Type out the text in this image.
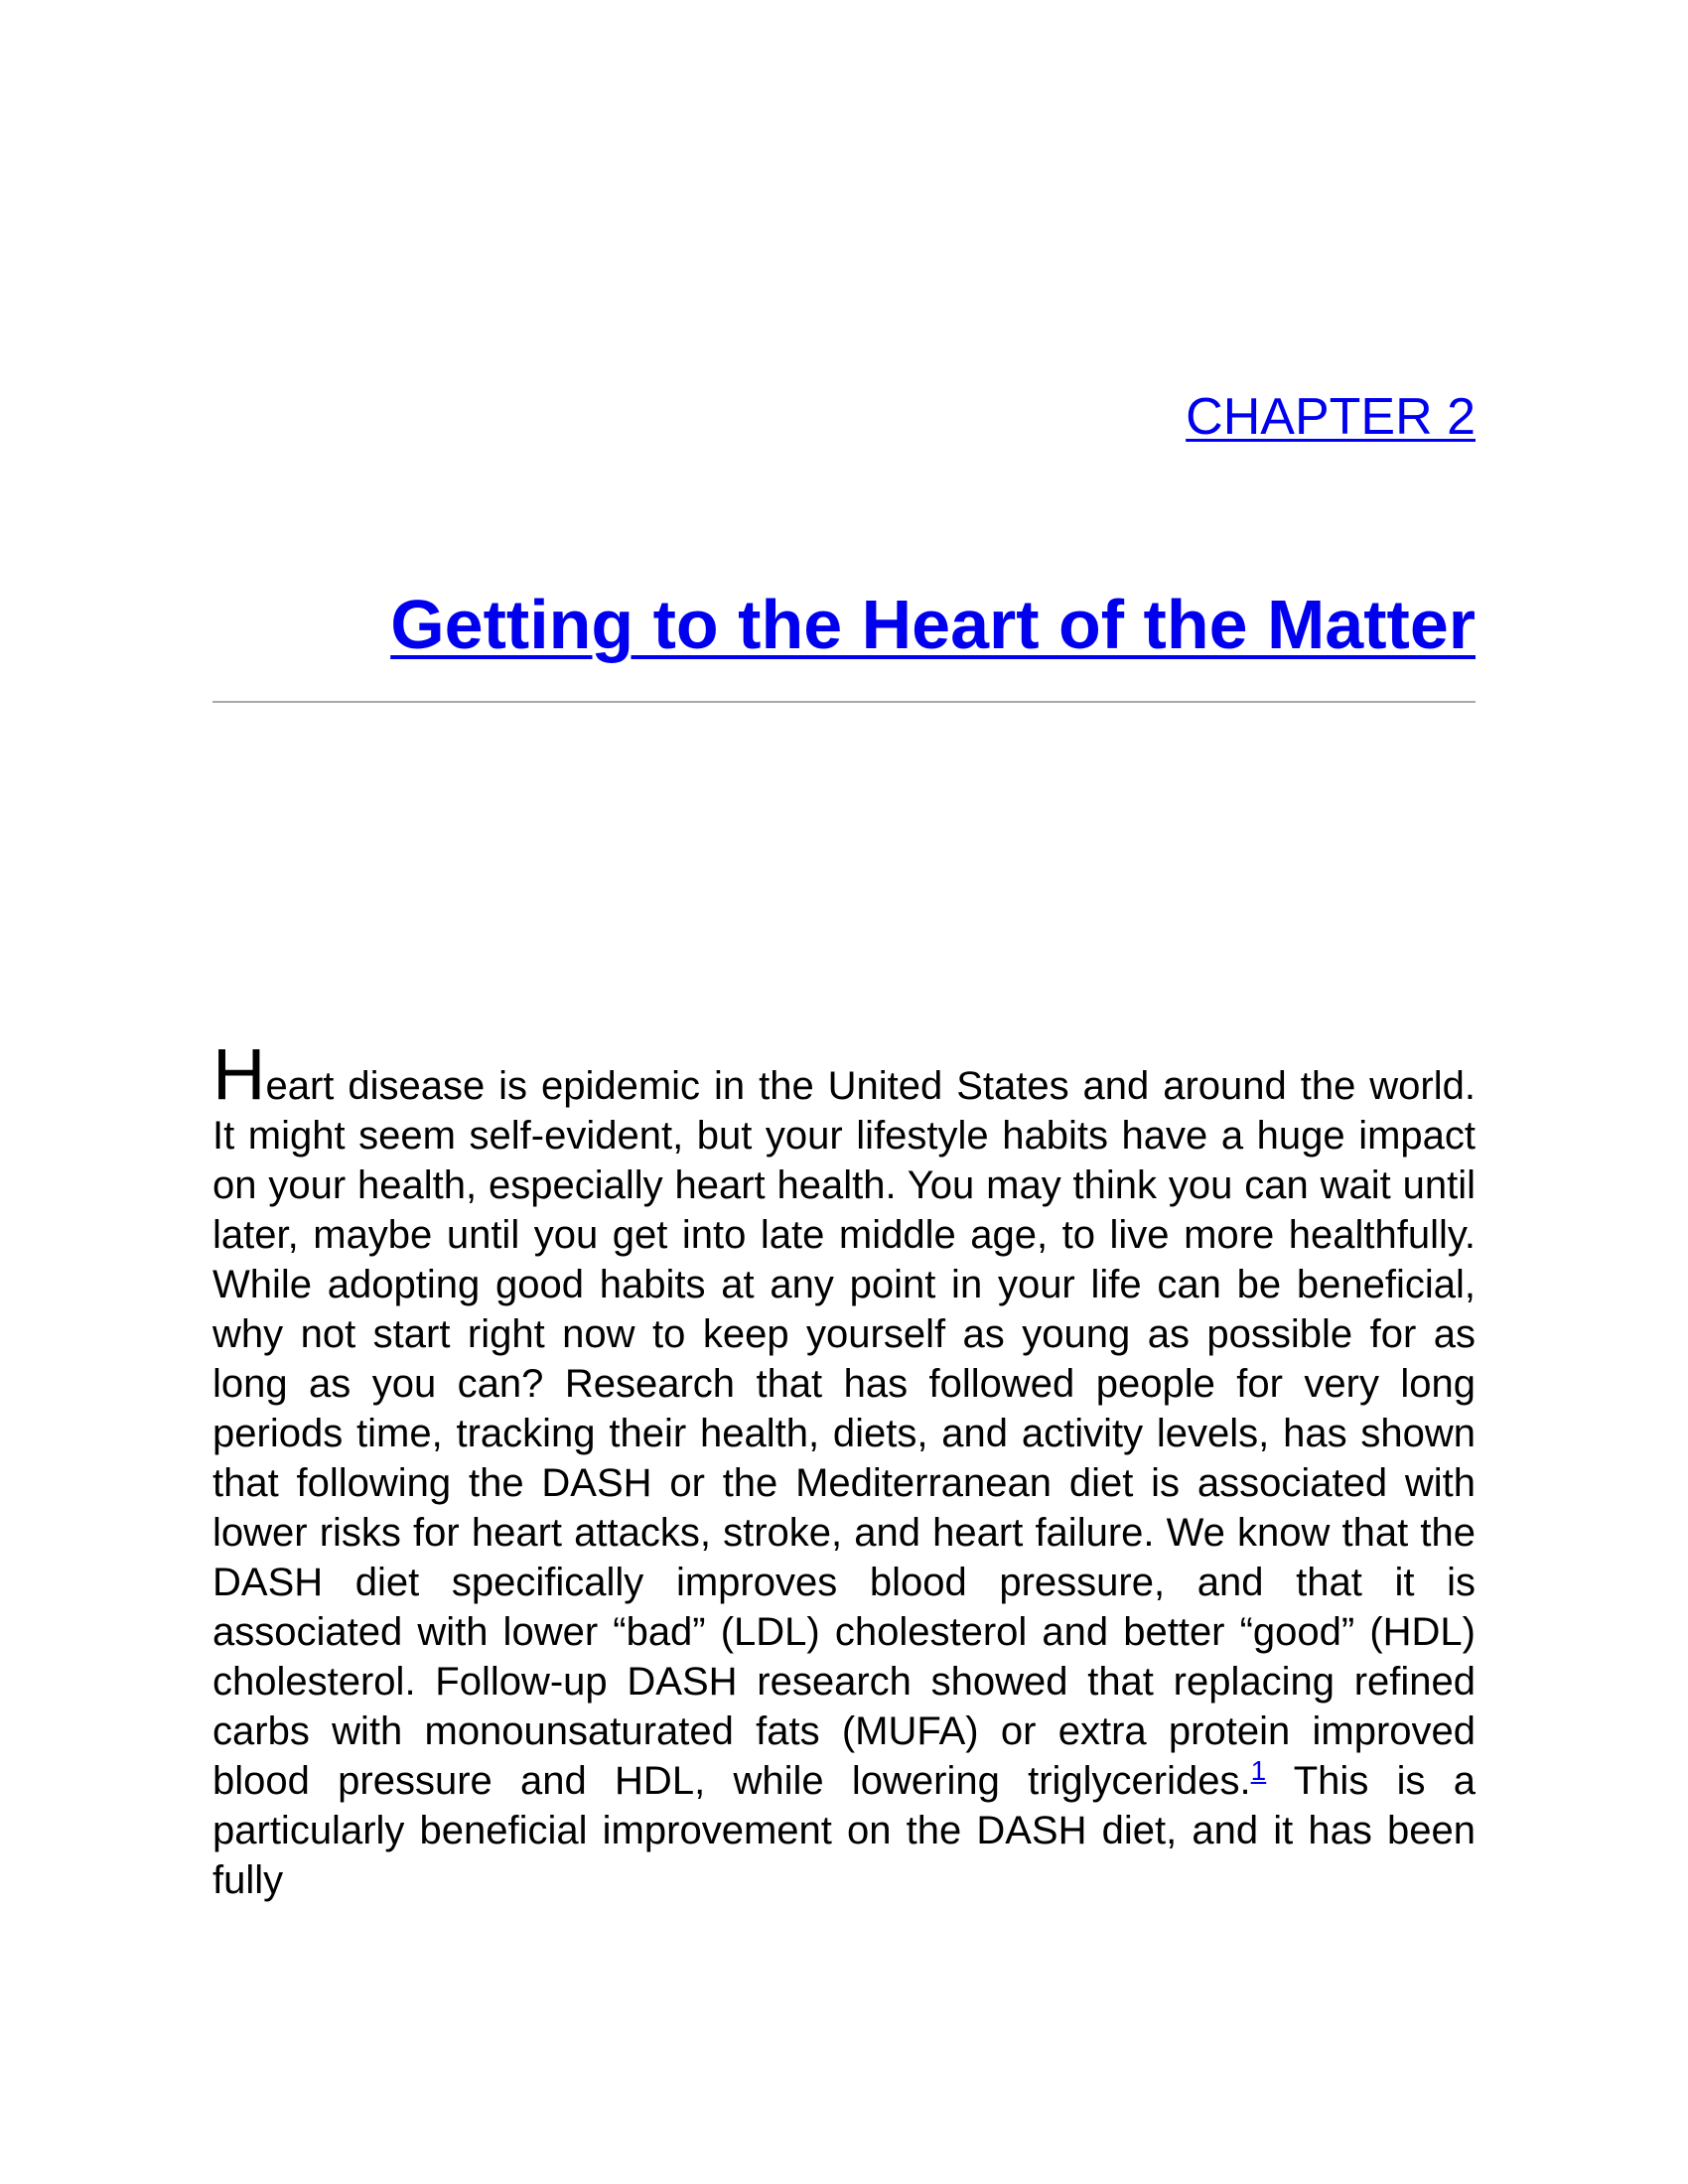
CHAPTER 2
Getting to the Heart of the Matter

Heart disease is epidemic in the United States and around the world. It might seem self-evident, but your lifestyle habits have a huge impact on your health, especially heart health. You may think you can wait until later, maybe until you get into late middle age, to live more healthfully. While adopting good habits at any point in your life can be beneficial, why not start right now to keep yourself as young as possible for as long as you can? Research that has followed people for very long periods time, tracking their health, diets, and activity levels, has shown that following the DASH or the Mediterranean diet is associated with lower risks for heart attacks, stroke, and heart failure. We know that the DASH diet specifically improves blood pressure, and that it is associated with lower “bad” (LDL) cholesterol and better “good” (HDL) cholesterol. Follow-up DASH research showed that replacing refined carbs with monounsaturated fats (MUFA) or extra protein improved blood pressure and HDL, while lowering triglycerides.$^1$ This is a particularly beneficial improvement on the DASH diet, and it has been fully
